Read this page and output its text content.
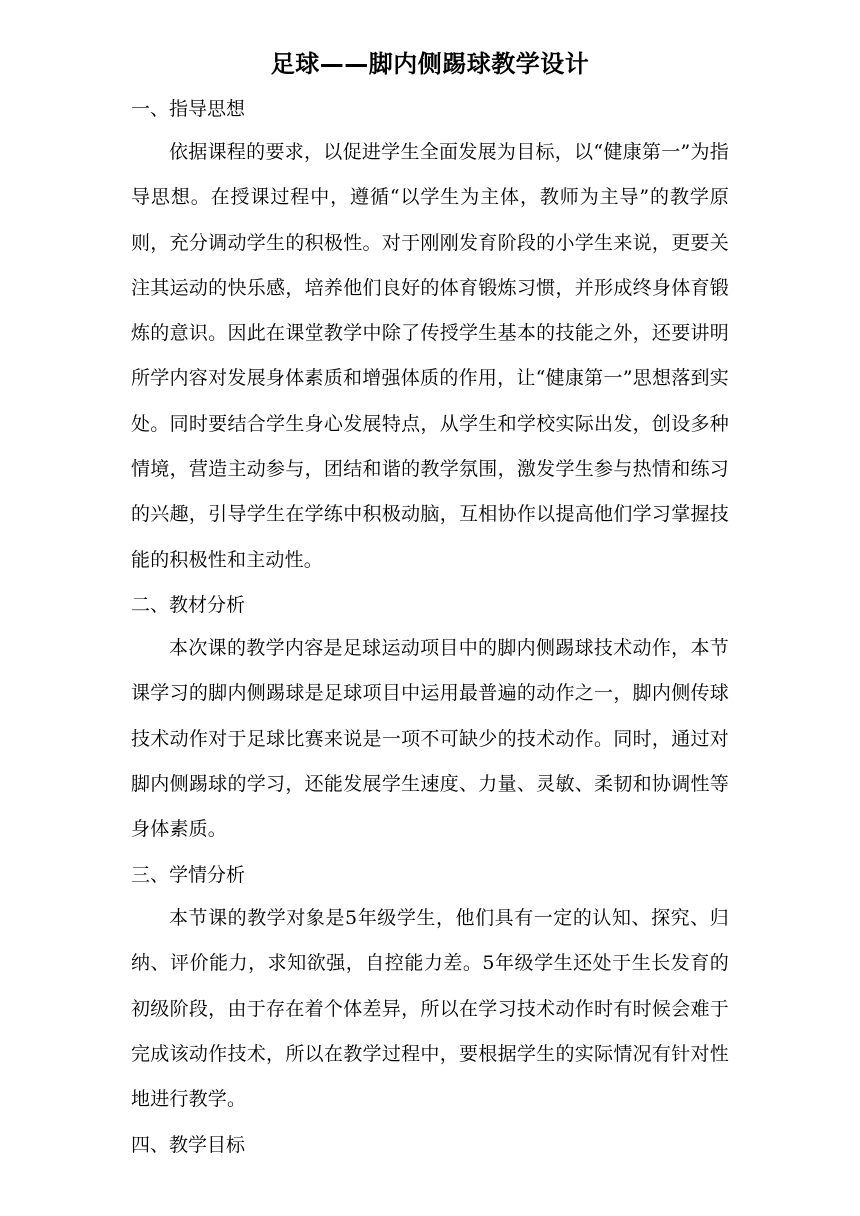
足球——脚内侧踢球教学设计
一、指导思想
依据课程的要求，以促进学生全面发展为目标，以“健康第一”为指导思想。在授课过程中，遵循“以学生为主体，教师为主导”的教学原则，充分调动学生的积极性。对于刚刚发育阶段的小学生来说，更要关注其运动的快乐感，培养他们良好的体育锻炼习惯，并形成终身体育锻炼的意识。因此在课堂教学中除了传授学生基本的技能之外，还要讲明所学内容对发展身体素质和增强体质的作用，让“健康第一”思想落到实处。同时要结合学生身心发展特点，从学生和学校实际出发，创设多种情境，营造主动参与，团结和谐的教学氛围，激发学生参与热情和练习的兴趣，引导学生在学练中积极动脑，互相协作以提高他们学习掌握技能的积极性和主动性。
二、教材分析
本次课的教学内容是足球运动项目中的脚内侧踢球技术动作，本节课学习的脚内侧踢球是足球项目中运用最普遍的动作之一，脚内侧传球技术动作对于足球比赛来说是一项不可缺少的技术动作。同时，通过对脚内侧踢球的学习，还能发展学生速度、力量、灵敏、柔韧和协调性等身体素质。
三、学情分析
本节课的教学对象是5年级学生，他们具有一定的认知、探究、归纳、评价能力，求知欲强，自控能力差。5年级学生还处于生长发育的初级阶段，由于存在着个体差异，所以在学习技术动作时有时候会难于完成该动作技术，所以在教学过程中，要根据学生的实际情况有针对性地进行教学。
四、教学目标
